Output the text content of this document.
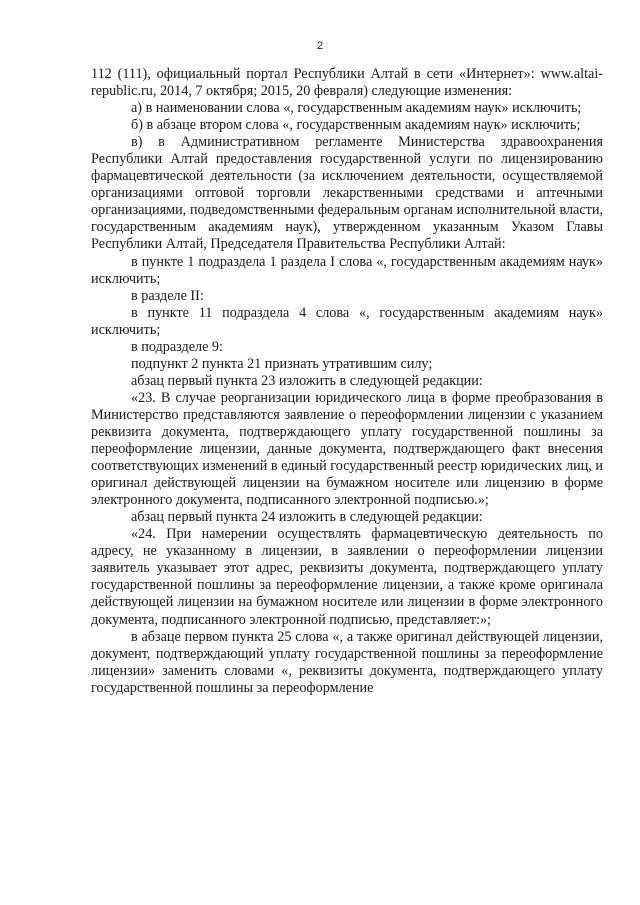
2

112 (111), официальный портал Республики Алтай в сети «Интернет»: www.altai-republic.ru, 2014, 7 октября; 2015, 20 февраля) следующие изменения:

а) в наименовании слова «, государственным академиям наук» исключить;

б) в абзаце втором слова «, государственным академиям наук» исключить;

в) в Административном регламенте Министерства здравоохранения Республики Алтай предоставления государственной услуги по лицензированию фармацевтической деятельности (за исключением деятельности, осуществляемой организациями оптовой торговли лекарственными средствами и аптечными организациями, подведомственными федеральным органам исполнительной власти, государственным академиям наук), утвержденном указанным Указом Главы Республики Алтай, Председателя Правительства Республики Алтай:

в пункте 1 подраздела 1 раздела I слова «, государственным академиям наук» исключить;

в разделе II:

в пункте 11 подраздела 4 слова «, государственным академиям наук» исключить;

в подразделе 9:

подпункт 2 пункта 21 признать утратившим силу;

абзац первый пункта 23 изложить в следующей редакции:

«23. В случае реорганизации юридического лица в форме преобразования в Министерство представляются заявление о переоформлении лицензии с указанием реквизита документа, подтверждающего уплату государственной пошлины за переоформление лицензии, данные документа, подтверждающего факт внесения соответствующих изменений в единый государственный реестр юридических лиц, и оригинал действующей лицензии на бумажном носителе или лицензию в форме электронного документа, подписанного электронной подписью.»;

абзац первый пункта 24 изложить в следующей редакции:

«24. При намерении осуществлять фармацевтическую деятельность по адресу, не указанному в лицензии, в заявлении о переоформлении лицензии заявитель указывает этот адрес, реквизиты документа, подтверждающего уплату государственной пошлины за переоформление лицензии, а также кроме оригинала действующей лицензии на бумажном носителе или лицензии в форме электронного документа, подписанного электронной подписью, представляет:»;

в абзаце первом пункта 25 слова «, а также оригинал действующей лицензии, документ, подтверждающий уплату государственной пошлины за переоформление лицензии» заменить словами «, реквизиты документа, подтверждающего уплату государственной пошлины за переоформление
